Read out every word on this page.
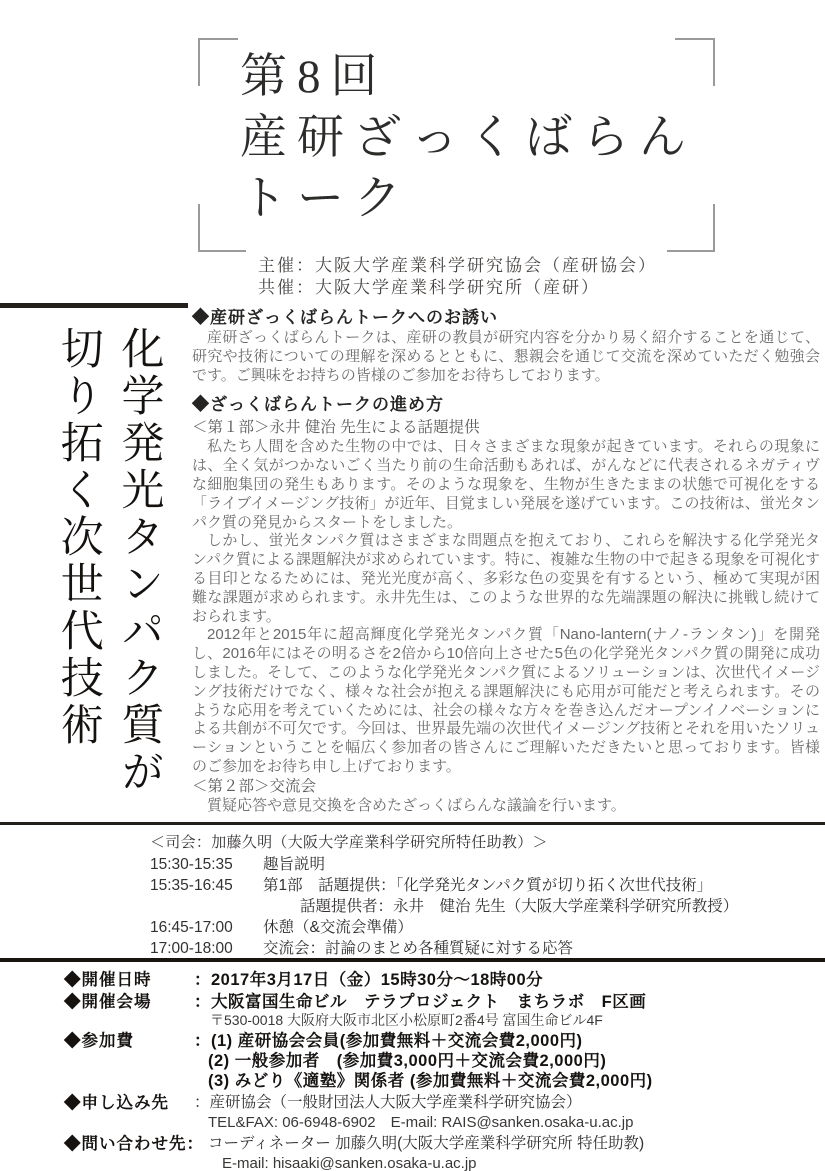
第8回
産研ざっくばらん
トーク
主催：大阪大学産業科学研究協会（産研協会）
共催：大阪大学産業科学研究所（産研）
化学発光タンパク質が
切り拓く次世代技術
◆産研ざっくばらんトークへのお誘い

産研ざっくばらんトークは、産研の教員が研究内容を分かり易く紹介することを通じて、研究や技術についての理解を深めるとともに、懇親会を通じて交流を深めていただく勉強会です。ご興味をお持ちの皆様のご参加をお待ちしております。

◆ざっくばらんトークの進め方
＜第１部＞永井 健治 先生による話題提供

私たち人間を含めた生物の中では、日々さまざまな現象が起きています。それらの現象には、全く気がつかないごく当たり前の生命活動もあれば、がんなどに代表されるネガティヴな細胞集団の発生もあります。そのような現象を、生物が生きたままの状態で可視化をする「ライブイメージング技術」が近年、目覚ましい発展を遂げています。この技術は、蛍光タンパク質の発見からスタートをしました。

しかし、蛍光タンパク質はさまざまな問題点を抱えており、これらを解決する化学発光タンパク質による課題解決が求められています。特に、複雑な生物の中で起きる現象を可視化する目印となるためには、発光光度が高く、多彩な色の変異を有するという、極めて実現が困難な課題が求められます。永井先生は、このような世界的な先端課題の解決に挑戦し続けておられます。

2012年と2015年に超高輝度化学発光タンパク質「Nano-lantern(ナノ-ランタン)」を開発し、2016年にはその明るさを2倍から10倍向上させた5色の化学発光タンパク質の開発に成功しました。そして、このような化学発光タンパク質によるソリューションは、次世代イメージング技術だけでなく、様々な社会が抱える課題解決にも応用が可能だと考えられます。そのような応用を考えていくためには、社会の様々な方々を巻き込んだオープンイノベーションによる共創が不可欠です。今回は、世界最先端の次世代イメージング技術とそれを用いたソリューションということを幅広く参加者の皆さんにご理解いただきたいと思っております。皆様のご参加をお待ち申し上げております。

＜第２部＞交流会

質疑応答や意見交換を含めたざっくばらんな議論を行います。

＜司会：加藤久明（大阪大学産業科学研究所特任助教）＞
15:30-15:35	趣旨説明
15:35-16:45	第1部　話題提供：「化学発光タンパク質が切り拓く次世代技術」
話題提供者：永井　健治 先生（大阪大学産業科学研究所教授）
16:45-17:00	休憩（&交流会準備）
17:00-18:00	交流会：討論のまとめ各種質疑に対する応答
◆開催日時	：2017年3月17日（金）15時30分～18時00分
◆開催会場	：大阪富国生命ビル　テラプロジェクト　まちラボ　F区画
〒530-0018 大阪府大阪市北区小松原町2番4号 富国生命ビル4F
◆参加費	：(1) 産研協会会員(参加費無料＋交流会費2,000円)
(2) 一般参加者　(参加費3,000円＋交流会費2,000円)
(3) みどり《適塾》関係者 (参加費無料＋交流会費2,000円)
◆申し込み先	：産研協会（一般財団法人大阪大学産業科学研究協会）
TEL&FAX: 06-6948-6902　E-mail: RAIS@sanken.osaka-u.ac.jp
◆問い合わせ先： コーディネーター 加藤久明(大阪大学産業科学研究所 特任助教)
E-mail: hisaaki@sanken.osaka-u.ac.jp
